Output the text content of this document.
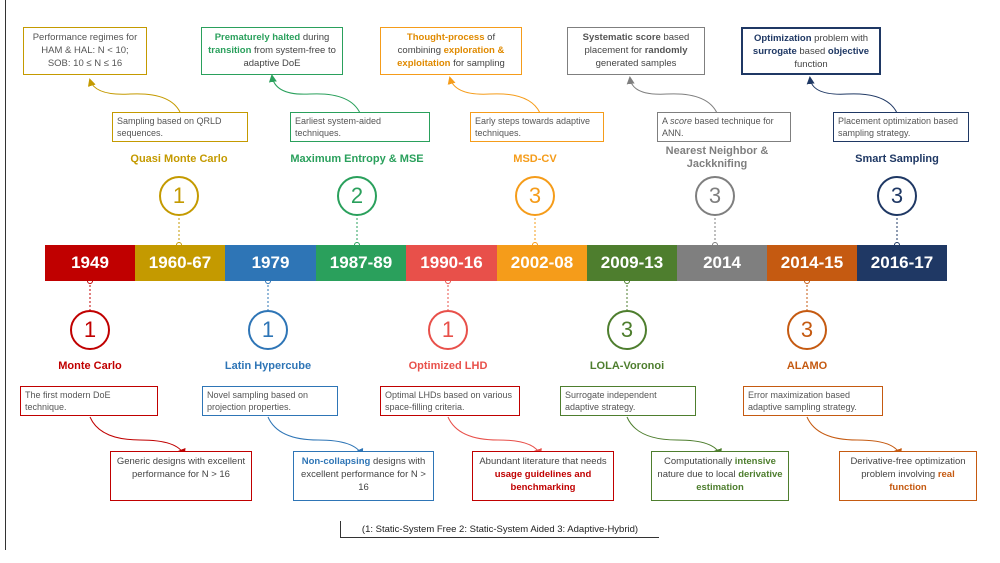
1949	1960-67	1979	1987-89	1990-16	2002-08	2009-13	2014	2014-15	2016-17
Performance regimes for HAM & HAL: N < 10; SOB: 10 ≤ N ≤ 16
Sampling based on QRLD sequences.
Quasi Monte Carlo
1
Prematurely halted during transition from system-free to adaptive DoE
Earliest system-aided techniques.
Maximum Entropy & MSE
2
Thought-process of combining exploration & exploitation for sampling
Early steps towards adaptive techniques.
MSD-CV
3
Systematic score based placement for randomly generated samples
A score based technique for ANN.
Nearest Neighbor & Jackknifing
3
Optimization problem with surrogate based objective function
Placement optimization based sampling strategy.
Smart Sampling
3
1
Monte Carlo
The first modern DoE technique.
Generic designs with excellent performance for N > 16
1
Latin Hypercube
Novel sampling based on projection properties.
Non-collapsing designs with excellent performance for N > 16
1
Optimized LHD
Optimal LHDs based on various space-filling criteria.
Abundant literature that needs usage guidelines and benchmarking
3
LOLA-Voronoi
Surrogate independent adaptive strategy.
Computationally intensive nature due to local derivative estimation
3
ALAMO
Error maximization based adaptive sampling strategy.
Derivative-free optimization problem involving real function
(1: Static-System Free 2: Static-System Aided 3: Adaptive-Hybrid)
